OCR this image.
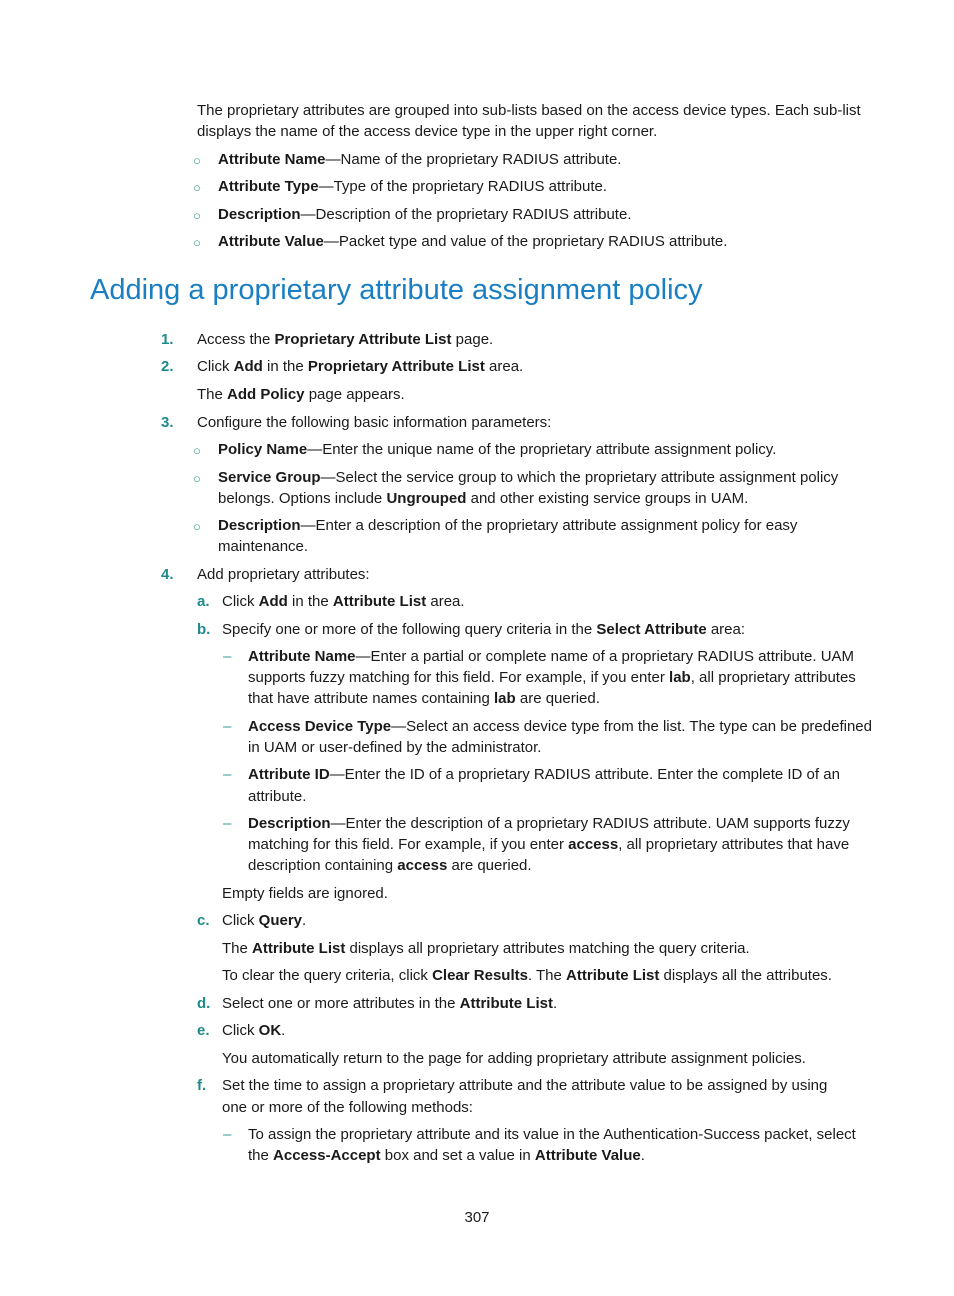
The proprietary attributes are grouped into sub-lists based on the access device types. Each sub-list

displays the name of the access device type in the upper right corner.

○ Attribute Name—Name of the proprietary RADIUS attribute.

○ Attribute Type—Type of the proprietary RADIUS attribute.

○ Description—Description of the proprietary RADIUS attribute.

○ Attribute Value—Packet type and value of the proprietary RADIUS attribute.

Adding a proprietary attribute assignment policy
1. Access the Proprietary Attribute List page.

2. Click Add in the Proprietary Attribute List area.

The Add Policy page appears.

3. Configure the following basic information parameters:

○ Policy Name—Enter the unique name of the proprietary attribute assignment policy.

○ Service Group—Select the service group to which the proprietary attribute assignment policy

belongs. Options include Ungrouped and other existing service groups in UAM.

○ Description—Enter a description of the proprietary attribute assignment policy for easy

maintenance.

4. Add proprietary attributes:

a. Click Add in the Attribute List area.

b. Specify one or more of the following query criteria in the Select Attribute area:

– Attribute Name—Enter a partial or complete name of a proprietary RADIUS attribute. UAM

supports fuzzy matching for this field. For example, if you enter lab, all proprietary attributes

that have attribute names containing lab are queried.

– Access Device Type—Select an access device type from the list. The type can be predefined

in UAM or user-defined by the administrator.

– Attribute ID—Enter the ID of a proprietary RADIUS attribute. Enter the complete ID of an

attribute.

– Description—Enter the description of a proprietary RADIUS attribute. UAM supports fuzzy

matching for this field. For example, if you enter access, all proprietary attributes that have

description containing access are queried.

Empty fields are ignored.

c. Click Query.

The Attribute List displays all proprietary attributes matching the query criteria.

To clear the query criteria, click Clear Results. The Attribute List displays all the attributes.

d. Select one or more attributes in the Attribute List.

e. Click OK.

You automatically return to the page for adding proprietary attribute assignment policies.

f. Set the time to assign a proprietary attribute and the attribute value to be assigned by using

one or more of the following methods:

– To assign the proprietary attribute and its value in the Authentication-Success packet, select

the Access-Accept box and set a value in Attribute Value.

307
